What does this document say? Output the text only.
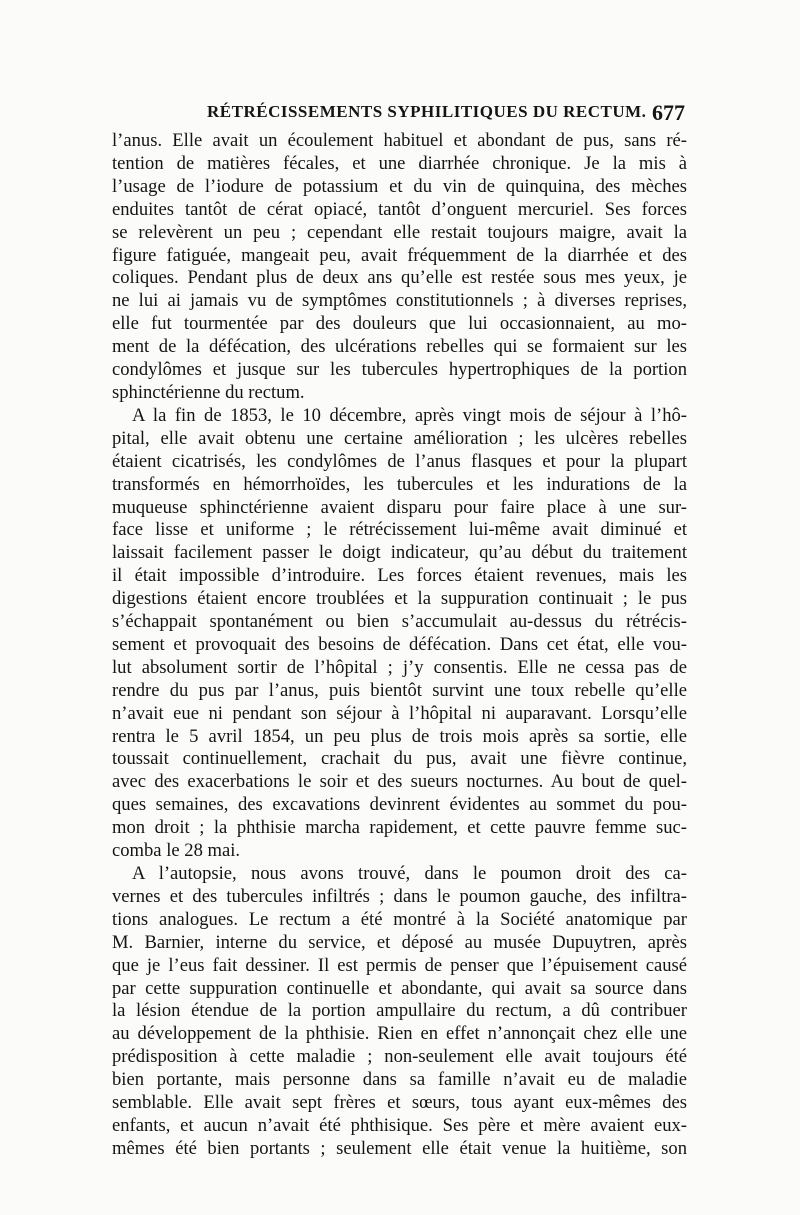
RÉTRÉCISSEMENTS SYPHILITIQUES DU RECTUM. 677
l’anus. Elle avait un écoulement habituel et abondant de pus, sans ré-
tention de matières fécales, et une diarrhée chronique. Je la mis à
l’usage de l’iodure de potassium et du vin de quinquina, des mèches
enduites tantôt de cérat opiacé, tantôt d’onguent mercuriel. Ses forces
se relevèrent un peu ; cependant elle restait toujours maigre, avait la
figure fatiguée, mangeait peu, avait fréquemment de la diarrhée et des
coliques. Pendant plus de deux ans qu’elle est restée sous mes yeux, je
ne lui ai jamais vu de symptômes constitutionnels ; à diverses reprises,
elle fut tourmentée par des douleurs que lui occasionnaient, au mo-
ment de la défécation, des ulcérations rebelles qui se formaient sur les
condylômes et jusque sur les tubercules hypertrophiques de la portion
sphinctérienne du rectum.
A la fin de 1853, le 10 décembre, après vingt mois de séjour à l’hô-
pital, elle avait obtenu une certaine amélioration ; les ulcères rebelles
étaient cicatrisés, les condylômes de l’anus flasques et pour la plupart
transformés en hémorrhoïdes, les tubercules et les indurations de la
muqueuse sphinctérienne avaient disparu pour faire place à une sur-
face lisse et uniforme ; le rétrécissement lui-même avait diminué et
laissait facilement passer le doigt indicateur, qu’au début du traitement
il était impossible d’introduire. Les forces étaient revenues, mais les
digestions étaient encore troublées et la suppuration continuait ; le pus
s’échappait spontanément ou bien s’accumulait au-dessus du rétrécis-
sement et provoquait des besoins de défécation. Dans cet état, elle vou-
lut absolument sortir de l’hôpital ; j’y consentis. Elle ne cessa pas de
rendre du pus par l’anus, puis bientôt survint une toux rebelle qu’elle
n’avait eue ni pendant son séjour à l’hôpital ni auparavant. Lorsqu’elle
rentra le 5 avril 1854, un peu plus de trois mois après sa sortie, elle
toussait continuellement, crachait du pus, avait une fièvre continue,
avec des exacerbations le soir et des sueurs nocturnes. Au bout de quel-
ques semaines, des excavations devinrent évidentes au sommet du pou-
mon droit ; la phthisie marcha rapidement, et cette pauvre femme suc-
comba le 28 mai.
A l’autopsie, nous avons trouvé, dans le poumon droit des ca-
vernes et des tubercules infiltrés ; dans le poumon gauche, des infiltra-
tions analogues. Le rectum a été montré à la Société anatomique par
M. Barnier, interne du service, et déposé au musée Dupuytren, après
que je l’eus fait dessiner. Il est permis de penser que l’épuisement causé
par cette suppuration continuelle et abondante, qui avait sa source dans
la lésion étendue de la portion ampullaire du rectum, a dû contribuer
au développement de la phthisie. Rien en effet n’annonçait chez elle une
prédisposition à cette maladie ; non-seulement elle avait toujours été
bien portante, mais personne dans sa famille n’avait eu de maladie
semblable. Elle avait sept frères et sœurs, tous ayant eux-mêmes des
enfants, et aucun n’avait été phthisique. Ses père et mère avaient eux-
mêmes été bien portants ; seulement elle était venue la huitième, son
